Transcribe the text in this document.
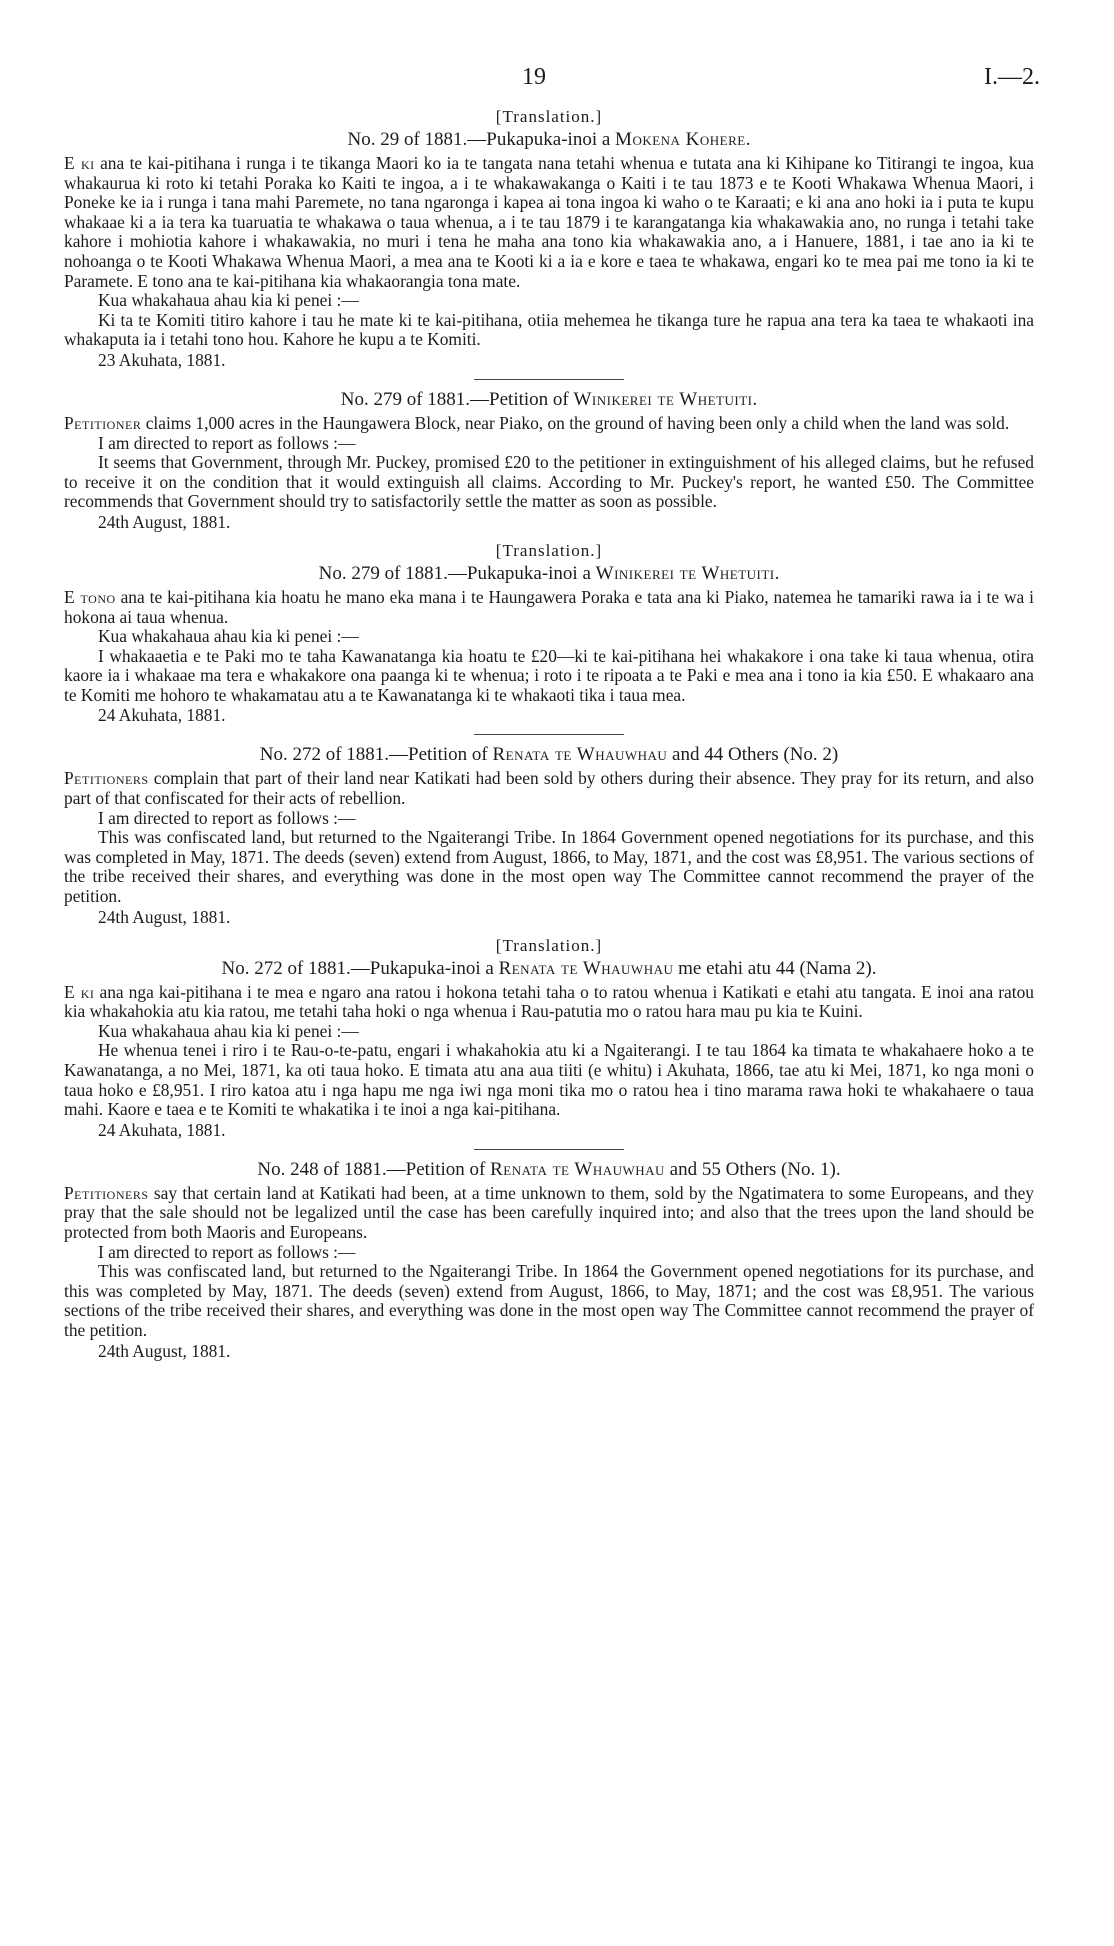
19	I.—2.
[Translation.]
No. 29 of 1881.—Pukapuka-inoi a Mokena Kohere.

E ki ana te kai-pitihana i runga i te tikanga Maori ko ia te tangata nana tetahi whenua e tutata ana ki Kihipane ko Titirangi te ingoa, kua whakaurua ki roto ki tetahi Poraka ko Kaiti te ingoa, a i te whakawakanga o Kaiti i te tau 1873 e te Kooti Whakawa Whenua Maori, i Poneke ke ia i runga i tana mahi Paremete, no tana ngaronga i kapea ai tona ingoa ki waho o te Karaati; e ki ana ano hoki ia i puta te kupu whakaae ki a ia tera ka tuaruatia te whakawa o taua whenua, a i te tau 1879 i te karangatanga kia whakawakia ano, no runga i tetahi take kahore i mohiotia kahore i whakawakia, no muri i tena he maha ana tono kia whakawakia ano, a i Hanuere, 1881, i tae ano ia ki te nohoanga o te Kooti Whakawa Whenua Maori, a mea ana te Kooti ki a ia e kore e taea te whakawa, engari ko te mea pai me tono ia ki te Paramete. E tono ana te kai-pitihana kia whakaorangia tona mate.

Kua whakahaua ahau kia ki penei :—

Ki ta te Komiti titiro kahore i tau he mate ki te kai-pitihana, otiia mehemea he tikanga ture he rapua ana tera ka taea te whakaoti ina whakaputa ia i tetahi tono hou. Kahore he kupu a te Komiti.

23 Akuhata, 1881.
No. 279 of 1881.—Petition of Winikerei te Whetuiti.

Petitioner claims 1,000 acres in the Haungawera Block, near Piako, on the ground of having been only a child when the land was sold.

I am directed to report as follows :—

It seems that Government, through Mr. Puckey, promised £20 to the petitioner in extinguishment of his alleged claims, but he refused to receive it on the condition that it would extinguish all claims. According to Mr. Puckey's report, he wanted £50. The Committee recommends that Government should try to satisfactorily settle the matter as soon as possible.

24th August, 1881.
[Translation.]
No. 279 of 1881.—Pukapuka-inoi a Winikerei te Whetuiti.

E tono ana te kai-pitihana kia hoatu he mano eka mana i te Haungawera Poraka e tata ana ki Piako, natemea he tamariki rawa ia i te wa i hokona ai taua whenua.

Kua whakahaua ahau kia ki penei :—

I whakaaetia e te Paki mo te taha Kawanatanga kia hoatu te £20—ki te kai-pitihana hei whakakore i ona take ki taua whenua, otira kaore ia i whakaae ma tera e whakakore ona paanga ki te whenua; i roto i te ripoata a te Paki e mea ana i tono ia kia £50. E whakaaro ana te Komiti me hohoro te whakamatau atu a te Kawanatanga ki te whakaoti tika i taua mea.

24 Akuhata, 1881.
No. 272 of 1881.—Petition of Renata te Whauwhau and 44 Others (No. 2)

Petitioners complain that part of their land near Katikati had been sold by others during their absence. They pray for its return, and also part of that confiscated for their acts of rebellion.

I am directed to report as follows :—

This was confiscated land, but returned to the Ngaiterangi Tribe. In 1864 Government opened negotiations for its purchase, and this was completed in May, 1871. The deeds (seven) extend from August, 1866, to May, 1871, and the cost was £8,951. The various sections of the tribe received their shares, and everything was done in the most open way The Committee cannot recommend the prayer of the petition.

24th August, 1881.
[Translation.]
No. 272 of 1881.—Pukapuka-inoi a Renata te Whauwhau me etahi atu 44 (Nama 2).

E ki ana nga kai-pitihana i te mea e ngaro ana ratou i hokona tetahi taha o to ratou whenua i Katikati e etahi atu tangata. E inoi ana ratou kia whakahokia atu kia ratou, me tetahi taha hoki o nga whenua i Rau-patutia mo o ratou hara mau pu kia te Kuini.

Kua whakahaua ahau kia ki penei :—

He whenua tenei i riro i te Rau-o-te-patu, engari i whakahokia atu ki a Ngaiterangi. I te tau 1864 ka timata te whakahaere hoko a te Kawanatanga, a no Mei, 1871, ka oti taua hoko. E timata atu ana aua tiiti (e whitu) i Akuhata, 1866, tae atu ki Mei, 1871, ko nga moni o taua hoko e £8,951. I riro katoa atu i nga hapu me nga iwi nga moni tika mo o ratou hea i tino marama rawa hoki te whakahaere o taua mahi. Kaore e taea e te Komiti te whakatika i te inoi a nga kai-pitihana.

24 Akuhata, 1881.
No. 248 of 1881.—Petition of Renata te Whauwhau and 55 Others (No. 1).

Petitioners say that certain land at Katikati had been, at a time unknown to them, sold by the Ngatimatera to some Europeans, and they pray that the sale should not be legalized until the case has been carefully inquired into; and also that the trees upon the land should be protected from both Maoris and Europeans.

I am directed to report as follows :—

This was confiscated land, but returned to the Ngaiterangi Tribe. In 1864 the Government opened negotiations for its purchase, and this was completed by May, 1871. The deeds (seven) extend from August, 1866, to May, 1871; and the cost was £8,951. The various sections of the tribe received their shares, and everything was done in the most open way The Committee cannot recommend the prayer of the petition.

24th August, 1881.
